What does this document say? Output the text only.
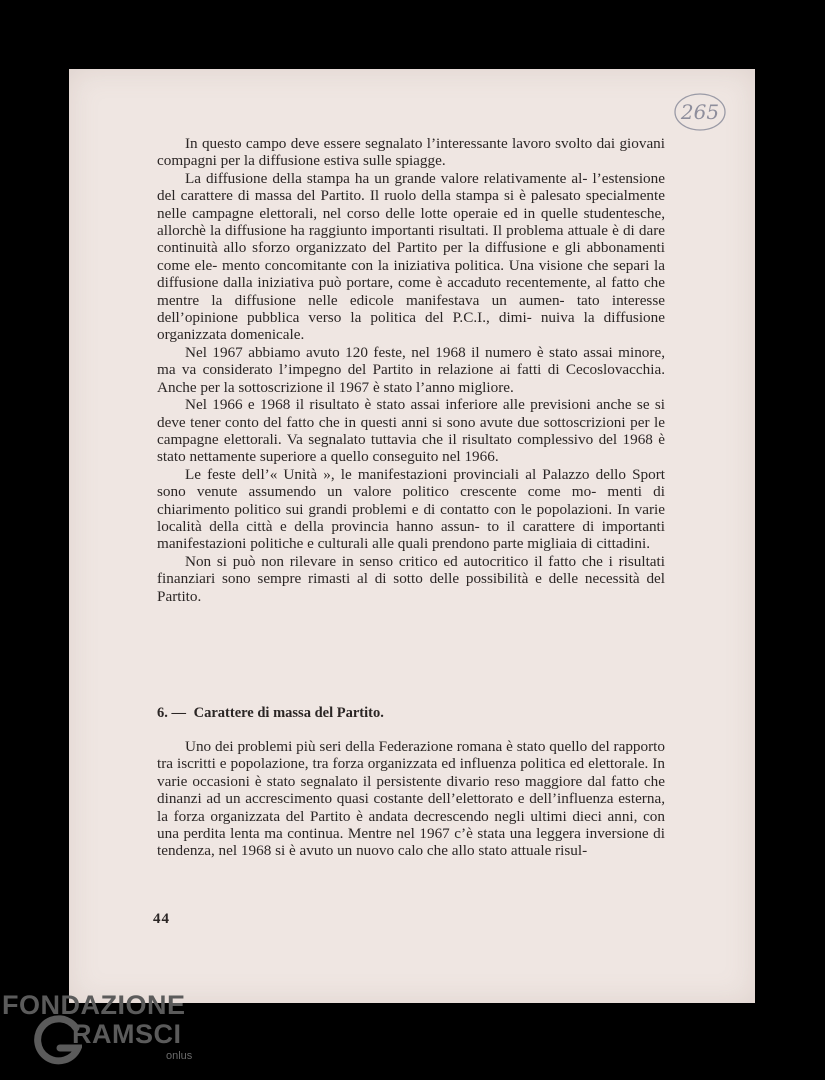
265

In questo campo deve essere segnalato l’interessante lavoro svolto dai giovani compagni per la diffusione estiva sulle spiagge.

La diffusione della stampa ha un grande valore relativamente al- l’estensione del carattere di massa del Partito. Il ruolo della stampa si è palesato specialmente nelle campagne elettorali, nel corso delle lotte operaie ed in quelle studentesche, allorchè la diffusione ha raggiunto importanti risultati. Il problema attuale è di dare continuità allo sforzo organizzato del Partito per la diffusione e gli abbonamenti come ele- mento concomitante con la iniziativa politica. Una visione che separi la diffusione dalla iniziativa può portare, come è accaduto recentemente, al fatto che mentre la diffusione nelle edicole manifestava un aumen- tato interesse dell’opinione pubblica verso la politica del P.C.I., dimi- nuiva la diffusione organizzata domenicale.

Nel 1967 abbiamo avuto 120 feste, nel 1968 il numero è stato assai minore, ma va considerato l’impegno del Partito in relazione ai fatti di Cecoslovacchia. Anche per la sottoscrizione il 1967 è stato l’anno migliore.

Nel 1966 e 1968 il risultato è stato assai inferiore alle previsioni anche se si deve tener conto del fatto che in questi anni si sono avute due sottoscrizioni per le campagne elettorali. Va segnalato tuttavia che il risultato complessivo del 1968 è stato nettamente superiore a quello conseguito nel 1966.

Le feste dell’« Unità », le manifestazioni provinciali al Palazzo dello Sport sono venute assumendo un valore politico crescente come mo- menti di chiarimento politico sui grandi problemi e di contatto con le popolazioni. In varie località della città e della provincia hanno assun- to il carattere di importanti manifestazioni politiche e culturali alle quali prendono parte migliaia di cittadini.

Non si può non rilevare in senso critico ed autocritico il fatto che i risultati finanziari sono sempre rimasti al di sotto delle possibilità e delle necessità del Partito.

6. — Carattere di massa del Partito.

Uno dei problemi più seri della Federazione romana è stato quello del rapporto tra iscritti e popolazione, tra forza organizzata ed influenza politica ed elettorale. In varie occasioni è stato segnalato il persistente divario reso maggiore dal fatto che dinanzi ad un accrescimento quasi costante dell’elettorato e dell’influenza esterna, la forza organizzata del Partito è andata decrescendo negli ultimi dieci anni, con una perdita lenta ma continua. Mentre nel 1967 c’è stata una leggera inversione di tendenza, nel 1968 si è avuto un nuovo calo che allo stato attuale risul-

44
FONDAZIONE
RAMSCI
onlus
